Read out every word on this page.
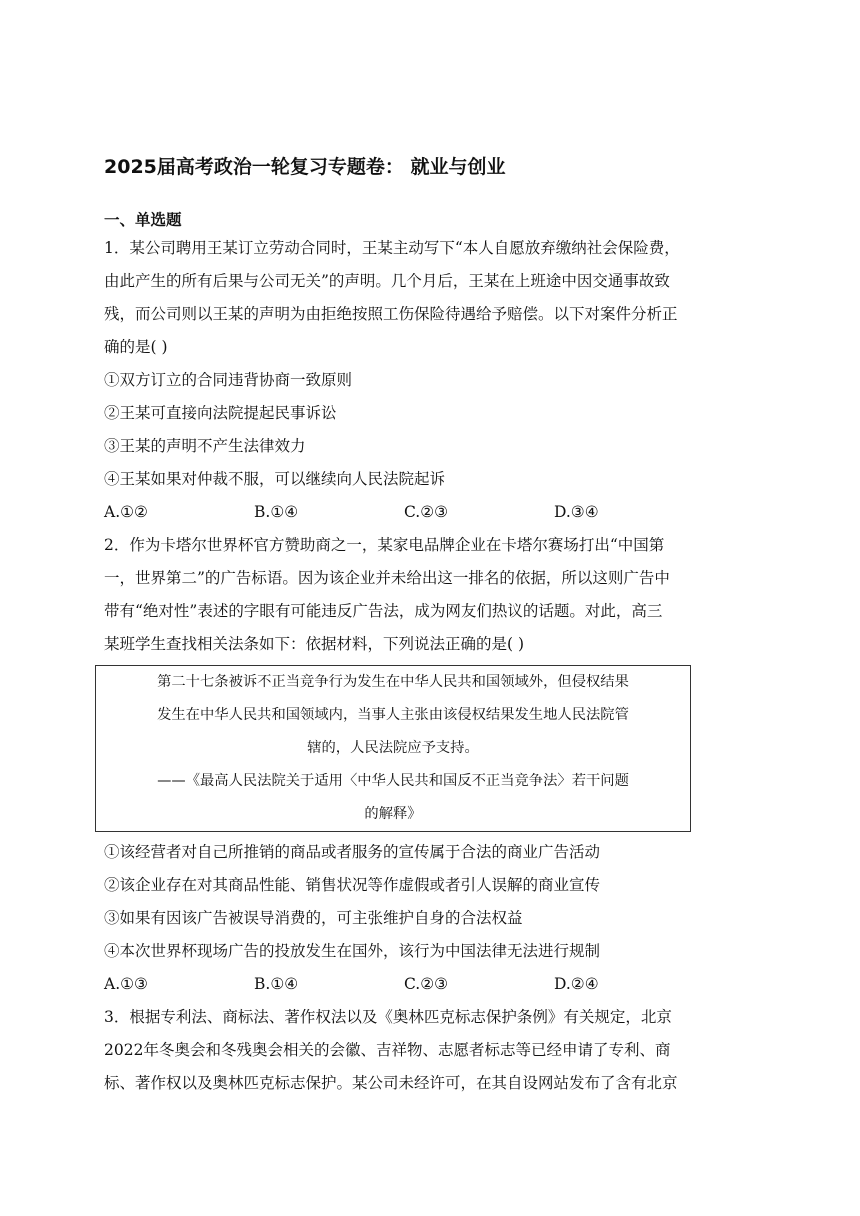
2025届高考政治一轮复习专题卷： 就业与创业
一、单选题
1．某公司聘用王某订立劳动合同时，王某主动写下“本人自愿放弃缴纳社会保险费，
由此产生的所有后果与公司无关”的声明。几个月后，王某在上班途中因交通事故致
残，而公司则以王某的声明为由拒绝按照工伤保险待遇给予赔偿。以下对案件分析正
确的是( )
①双方订立的合同违背协商一致原则
②王某可直接向法院提起民事诉讼
③王某的声明不产生法律效力
④王某如果对仲裁不服，可以继续向人民法院起诉
A.①②	B.①④	C.②③	D.③④
2．作为卡塔尔世界杯官方赞助商之一，某家电品牌企业在卡塔尔赛场打出“中国第
一，世界第二”的广告标语。因为该企业并未给出这一排名的依据，所以这则广告中
带有“绝对性”表述的字眼有可能违反广告法，成为网友们热议的话题。对此，高三
某班学生查找相关法条如下：依据材料，下列说法正确的是( )
第二十七条被诉不正当竞争行为发生在中华人民共和国领域外，但侵权结果
发生在中华人民共和国领域内，当事人主张由该侵权结果发生地人民法院管
辖的，人民法院应予支持。
——《最高人民法院关于适用〈中华人民共和国反不正当竞争法〉若干问题
的解释》
①该经营者对自己所推销的商品或者服务的宣传属于合法的商业广告活动
②该企业存在对其商品性能、销售状况等作虚假或者引人误解的商业宣传
③如果有因该广告被误导消费的，可主张维护自身的合法权益
④本次世界杯现场广告的投放发生在国外，该行为中国法律无法进行规制
A.①③	B.①④	C.②③	D.②④
3．根据专利法、商标法、著作权法以及《奥林匹克标志保护条例》有关规定，北京
2022年冬奥会和冬残奥会相关的会徽、吉祥物、志愿者标志等已经申请了专利、商
标、著作权以及奥林匹克标志保护。某公司未经许可，在其自设网站发布了含有北京
